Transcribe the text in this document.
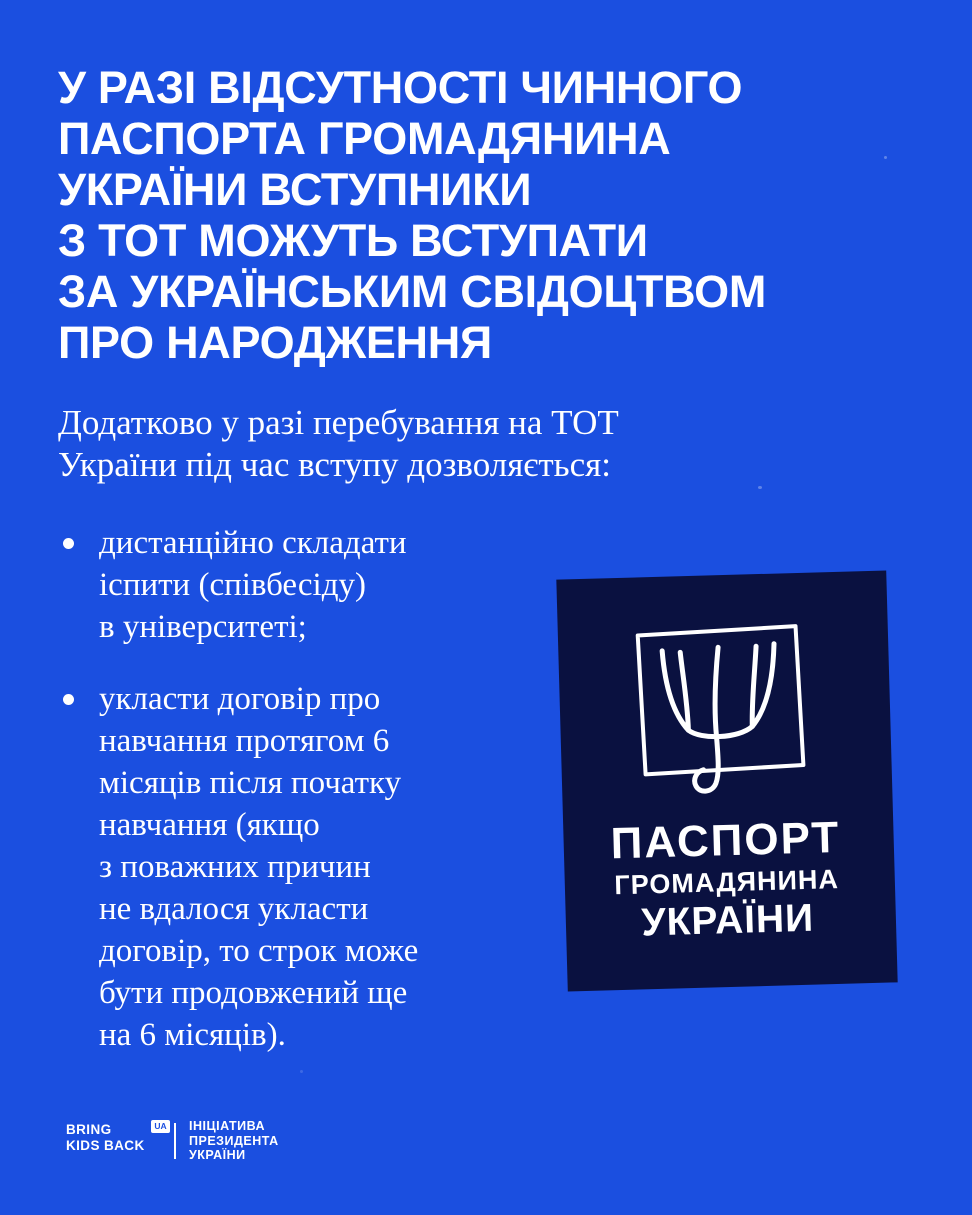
У РАЗІ ВІДСУТНОСТІ ЧИННОГО
ПАСПОРТА ГРОМАДЯНИНА
УКРАЇНИ ВСТУПНИКИ
З ТОТ МОЖУТЬ ВСТУПАТИ
ЗА УКРАЇНСЬКИМ СВІДОЦТВОМ
ПРО НАРОДЖЕННЯ
Додатково у разі перебування на ТОТ
України під час вступу дозволяється:
дистанційно складати
іспити (співбесіду)
в університеті;
укласти договір про
навчання протягом 6
місяців після початку
навчання (якщо
з поважних причин
не вдалося укласти
договір, то строк може
бути продовжений ще
на 6 місяців).
ПАСПОРТ
ГРОМАДЯНИНА
УКРАЇНИ
BRING
KIDS BACK
UA ІНІЦІАТИВА
ПРЕЗИДЕНТА
УКРАЇНИ
